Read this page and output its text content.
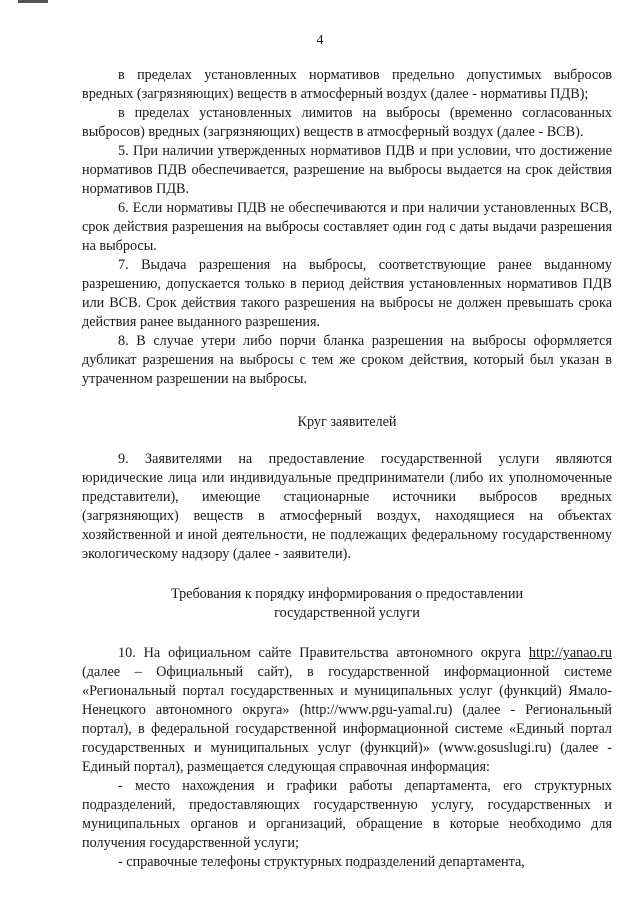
4

в пределах установленных нормативов предельно допустимых выбросов вредных (загрязняющих) веществ в атмосферный воздух (далее - нормативы ПДВ);

в пределах установленных лимитов на выбросы (временно согласованных выбросов) вредных (загрязняющих) веществ в атмосферный воздух (далее - ВСВ).

5. При наличии утвержденных нормативов ПДВ и при условии, что достижение нормативов ПДВ обеспечивается, разрешение на выбросы выдается на срок действия нормативов ПДВ.

6. Если нормативы ПДВ не обеспечиваются и при наличии установленных ВСВ, срок действия разрешения на выбросы составляет один год с даты выдачи разрешения на выбросы.

7. Выдача разрешения на выбросы, соответствующие ранее выданному разрешению, допускается только в период действия установленных нормативов ПДВ или ВСВ. Срок действия такого разрешения на выбросы не должен превышать срока действия ранее выданного разрешения.

8. В случае утери либо порчи бланка разрешения на выбросы оформляется дубликат разрешения на выбросы с тем же сроком действия, который был указан в утраченном разрешении на выбросы.

Круг заявителей

9. Заявителями на предоставление государственной услуги являются юридические лица или индивидуальные предприниматели (либо их уполномоченные представители), имеющие стационарные источники выбросов вредных (загрязняющих) веществ в атмосферный воздух, находящиеся на объектах хозяйственной и иной деятельности, не подлежащих федеральному государственному экологическому надзору (далее - заявители).

Требования к порядку информирования о предоставлении
государственной услуги

10. На официальном сайте Правительства автономного округа http://yanao.ru (далее – Официальный сайт), в государственной информационной системе «Региональный портал государственных и муниципальных услуг (функций) Ямало-Ненецкого автономного округа» (http://www.pgu-yamal.ru) (далее - Региональный портал), в федеральной государственной информационной системе «Единый портал государственных и муниципальных услуг (функций)» (www.gosuslugi.ru) (далее - Единый портал), размещается следующая справочная информация:

- место нахождения и графики работы департамента, его структурных подразделений, предоставляющих государственную услугу, государственных и муниципальных органов и организаций, обращение в которые необходимо для получения государственной услуги;

- справочные телефоны структурных подразделений департамента,
